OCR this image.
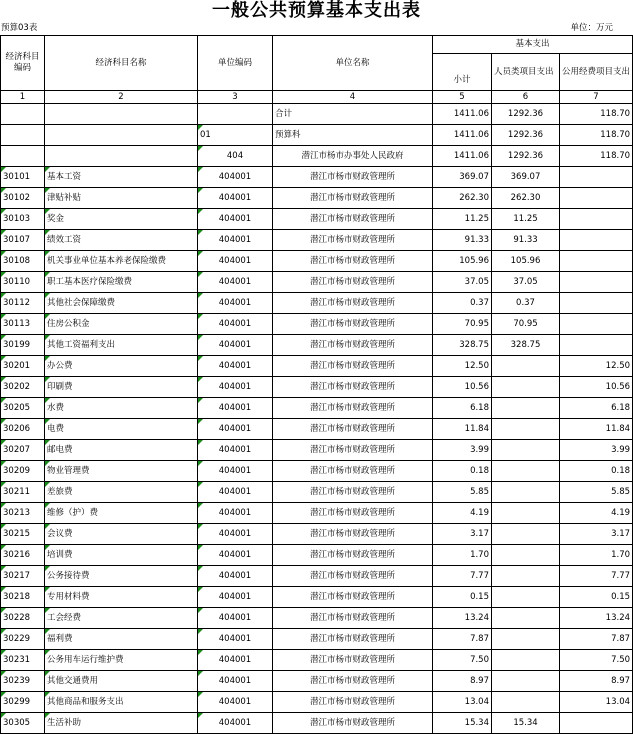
一般公共预算基本支出表
预算03表	单位：万元
经济科目编码	经济科目名称	单位编码	单位名称	基本支出		
				小计	人员类项目支出	公用经费项目支出
1	2	3	4	5	6	7
			合计	1411.06	1292.36	118.70
		01	预算科	1411.06	1292.36	118.70
		404	潜江市杨市办事处人民政府	1411.06	1292.36	118.70
30101	基本工资	404001	潜江市杨市财政管理所	369.07	369.07	
30102	津贴补贴	404001	潜江市杨市财政管理所	262.30	262.30	
30103	奖金	404001	潜江市杨市财政管理所	11.25	11.25	
30107	绩效工资	404001	潜江市杨市财政管理所	91.33	91.33	
30108	机关事业单位基本养老保险缴费	404001	潜江市杨市财政管理所	105.96	105.96	
30110	职工基本医疗保险缴费	404001	潜江市杨市财政管理所	37.05	37.05	
30112	其他社会保障缴费	404001	潜江市杨市财政管理所	0.37	0.37	
30113	住房公积金	404001	潜江市杨市财政管理所	70.95	70.95	
30199	其他工资福利支出	404001	潜江市杨市财政管理所	328.75	328.75	
30201	办公费	404001	潜江市杨市财政管理所	12.50		12.50
30202	印刷费	404001	潜江市杨市财政管理所	10.56		10.56
30205	水费	404001	潜江市杨市财政管理所	6.18		6.18
30206	电费	404001	潜江市杨市财政管理所	11.84		11.84
30207	邮电费	404001	潜江市杨市财政管理所	3.99		3.99
30209	物业管理费	404001	潜江市杨市财政管理所	0.18		0.18
30211	差旅费	404001	潜江市杨市财政管理所	5.85		5.85
30213	维修（护）费	404001	潜江市杨市财政管理所	4.19		4.19
30215	会议费	404001	潜江市杨市财政管理所	3.17		3.17
30216	培训费	404001	潜江市杨市财政管理所	1.70		1.70
30217	公务接待费	404001	潜江市杨市财政管理所	7.77		7.77
30218	专用材料费	404001	潜江市杨市财政管理所	0.15		0.15
30228	工会经费	404001	潜江市杨市财政管理所	13.24		13.24
30229	福利费	404001	潜江市杨市财政管理所	7.87		7.87
30231	公务用车运行维护费	404001	潜江市杨市财政管理所	7.50		7.50
30239	其他交通费用	404001	潜江市杨市财政管理所	8.97		8.97
30299	其他商品和服务支出	404001	潜江市杨市财政管理所	13.04		13.04
30305	生活补助	404001	潜江市杨市财政管理所	15.34	15.34	
